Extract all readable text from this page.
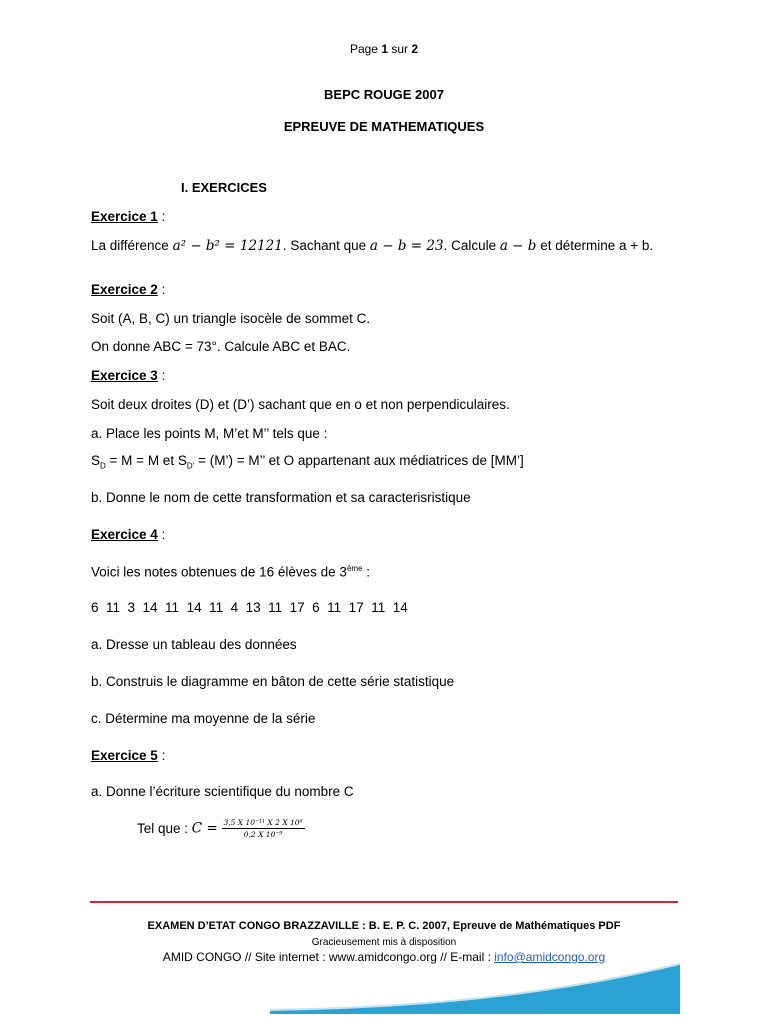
Page 1 sur 2
BEPC ROUGE 2007
EPREUVE DE MATHEMATIQUES
I. EXERCICES
Exercice 1 :
La différence a² − b² = 12121. Sachant que a − b = 23. Calcule a − b et détermine a + b.
Exercice 2 :
Soit (A, B, C) un triangle isocèle de sommet C.
On donne ABC = 73°. Calcule ABC et BAC.
Exercice 3 :
Soit deux droites (D) et (D’) sachant que en o et non perpendiculaires.
a. Place les points M, M’et M’’ tels que :
$S_D = M = M$ et $S_{D’}$ = (M’) = M’’ et O appartenant aux médiatrices de [MM’]
b. Donne le nom de cette transformation et sa caracterisristique
Exercice 4 :
Voici les notes obtenues de 16 élèves de 3ème :
6  11  3  14  11  14  11  4  13  11  17  6  11  17  11  14
a. Dresse un tableau des données
b. Construis le diagramme en bâton de cette série statistique
c. Détermine ma moyenne de la série
Exercice 5 :
a. Donne l’écriture scientifique du nombre C
Tel que : $C = \frac{\text{3,5 X 10⁻¹¹ X 2 X 10⁶}}{\text{0,2 X 10⁻⁹}}$
EXAMEN D’ETAT CONGO BRAZZAVILLE : B. E. P. C. 2007, Epreuve de Mathématiques PDF
Gracieusement mis à disposition
AMID CONGO // Site internet : www.amidcongo.org // E-mail : info@amidcongo.org
